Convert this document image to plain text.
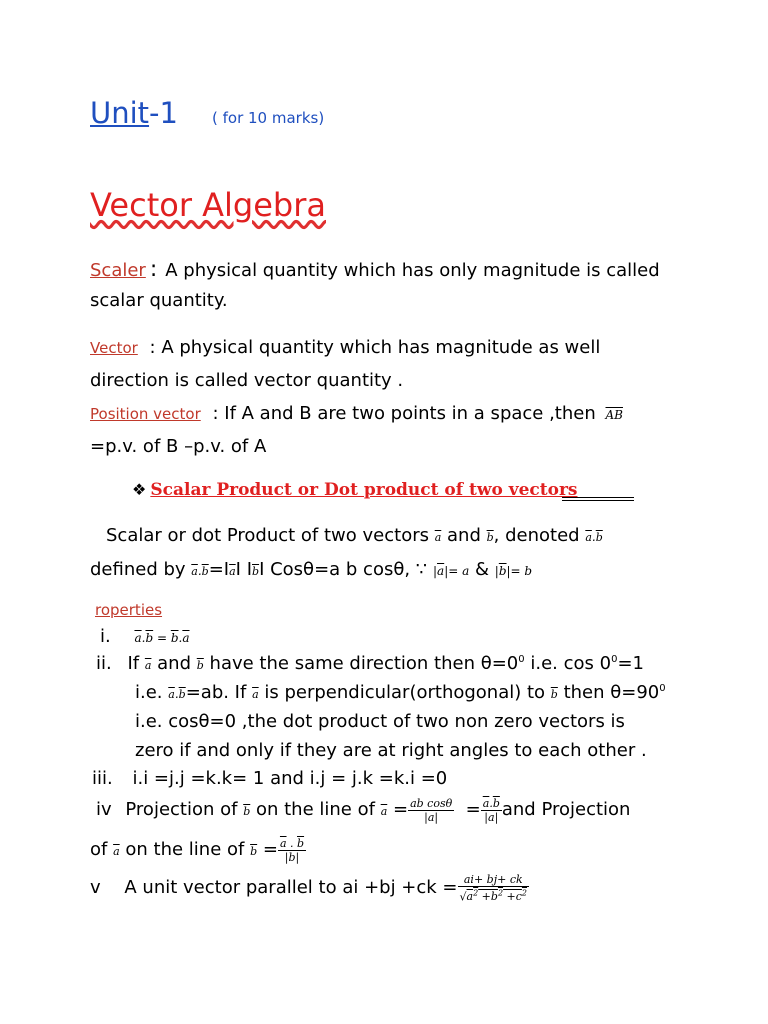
Unit-1 ( for 10 marks)
Vector Algebra
Scaler : A physical quantity which has only magnitude is called
scalar quantity.
Vector : A physical quantity which has magnitude as well
direction is called vector quantity .
Position vector : If A and B are two points in a space ,then $\overline{AB}$
=p.v. of B –p.v. of A
❖ Scalar Product or Dot product of two vectors
Scalar or dot Product of two vectors $\overline{a}$ and $\overline{b}$, denoted $\overline{a}.\overline{b}$
defined by $\overline{a}.\overline{b}=I\overline{a}I$ $I\overline{b}I$ Cosθ=a b cosθ, ∵ $|\overline{a}|= a$ & $|\overline{b}|= b$
roperties
i. $\overline{a}.\overline{b} = \overline{b}.\overline{a}$
ii. If $\overline{a}$ and $\overline{b}$ have the same direction then $\theta=0^0$ i.e. $\cos 0^0=1$
i.e. $\overline{a}.\overline{b}=ab$. If $\overline{a}$ is perpendicular(orthogonal) to $\overline{b}$ then $\theta=90^0$
i.e. cosθ=0 ,the dot product of two non zero vectors is
zero if and only if they are at right angles to each other .
iii. i.i =j.j =k.k= 1 and i.j = j.k =k.i =0
iv Projection of $\overline{b}$ on the line of $\overline{a} = \frac{\text{ab cosθ}}{|\overline{a}|} = \frac{\overline{a}.\overline{b}}{|\overline{a}|}$ and Projection
of $\overline{a}$ on the line of $\overline{b} = \frac{\overline{a} . \overline{b}}{|\overline{b}|}$
v A unit vector parallel to ai $+bj +ck = \frac{ai+ bj+ ck}{√a^2 +b^2 +c^2}$
